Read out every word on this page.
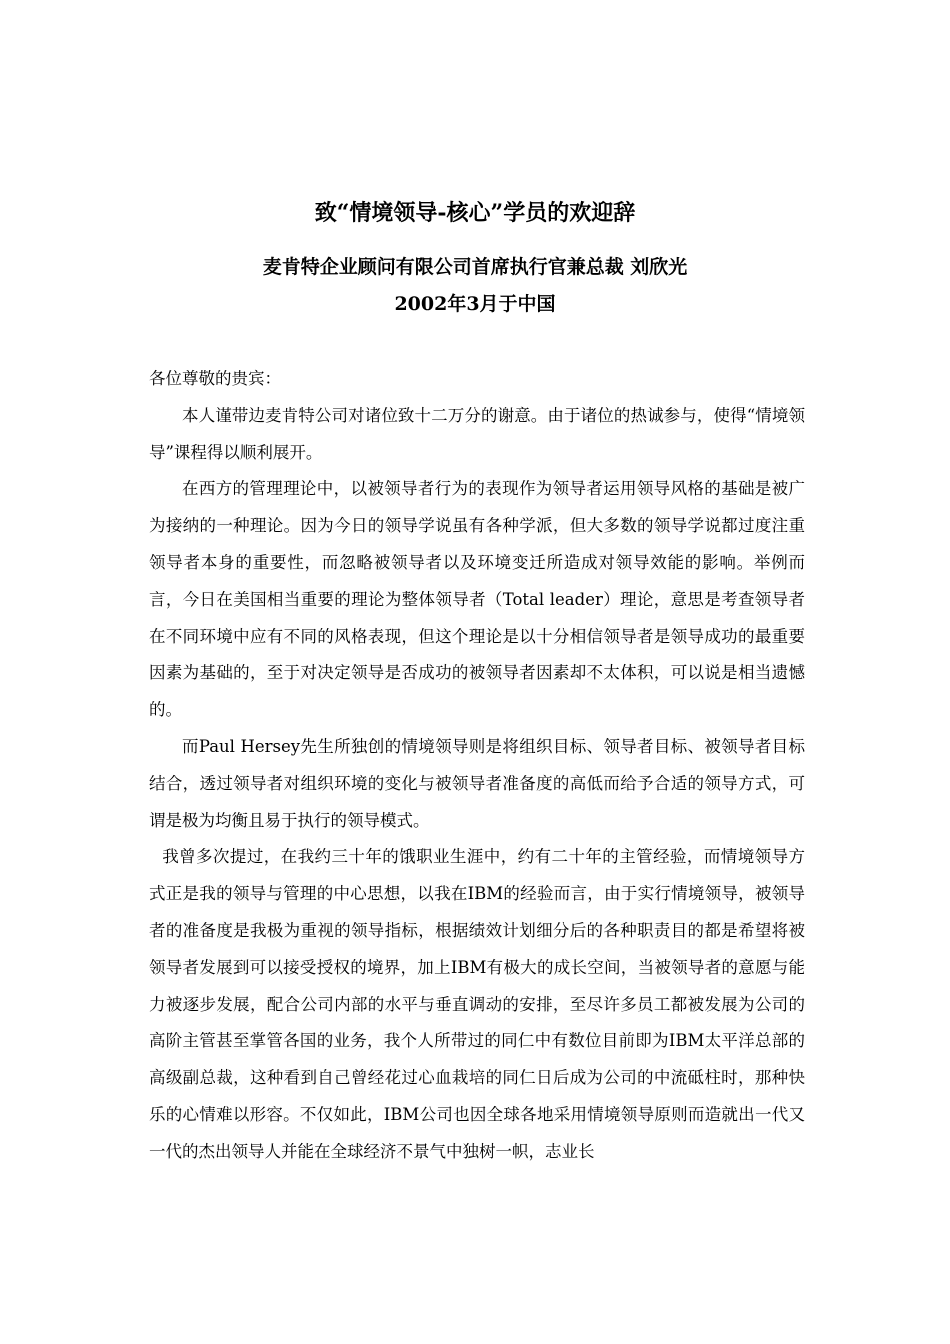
致“情境领导-核心”学员的欢迎辞
麦肯特企业顾问有限公司首席执行官兼总裁 刘欣光
2002年3月于中国

各位尊敬的贵宾：

本人谨带边麦肯特公司对诸位致十二万分的谢意。由于诸位的热诚参与，使得“情境领导”课程得以顺利展开。

在西方的管理理论中，以被领导者行为的表现作为领导者运用领导风格的基础是被广为接纳的一种理论。因为今日的领导学说虽有各种学派，但大多数的领导学说都过度注重领导者本身的重要性，而忽略被领导者以及环境变迁所造成对领导效能的影响。举例而言，今日在美国相当重要的理论为整体领导者（Total leader）理论，意思是考查领导者在不同环境中应有不同的风格表现，但这个理论是以十分相信领导者是领导成功的最重要因素为基础的，至于对决定领导是否成功的被领导者因素却不太体积，可以说是相当遗憾的。

而Paul Hersey先生所独创的情境领导则是将组织目标、领导者目标、被领导者目标结合，透过领导者对组织环境的变化与被领导者准备度的高低而给予合适的领导方式，可谓是极为均衡且易于执行的领导模式。

我曾多次提过，在我约三十年的饿职业生涯中，约有二十年的主管经验，而情境领导方式正是我的领导与管理的中心思想，以我在IBM的经验而言，由于实行情境领导，被领导者的准备度是我极为重视的领导指标，根据绩效计划细分后的各种职责目的都是希望将被领导者发展到可以接受授权的境界，加上IBM有极大的成长空间，当被领导者的意愿与能力被逐步发展，配合公司内部的水平与垂直调动的安排，至尽许多员工都被发展为公司的高阶主管甚至掌管各国的业务，我个人所带过的同仁中有数位目前即为IBM太平洋总部的高级副总裁，这种看到自己曾经花过心血栽培的同仁日后成为公司的中流砥柱时，那种快乐的心情难以形容。不仅如此，IBM公司也因全球各地采用情境领导原则而造就出一代又一代的杰出领导人并能在全球经济不景气中独树一帜，志业长
